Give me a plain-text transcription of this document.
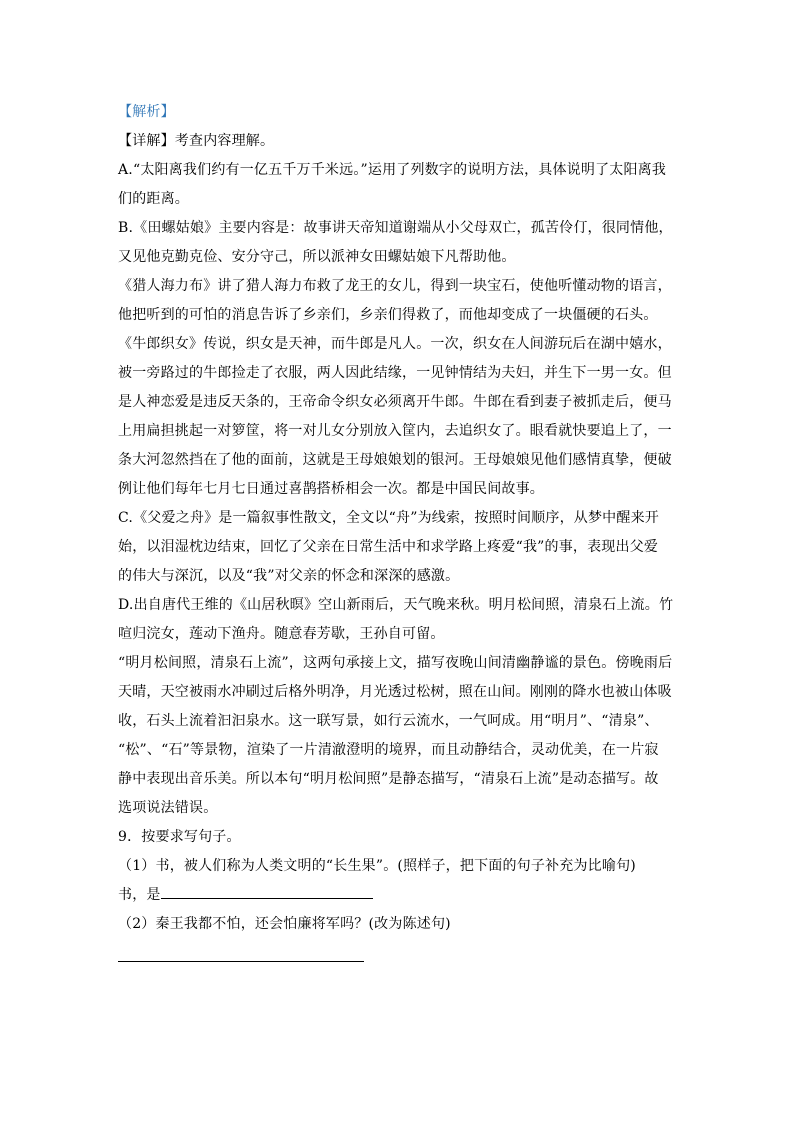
【解析】
【详解】考查内容理解。
A.“太阳离我们约有一亿五千万千米远。”运用了列数字的说明方法，具体说明了太阳离我
们的距离。
B.《田螺姑娘》主要内容是：故事讲天帝知道谢端从小父母双亡，孤苦伶仃，很同情他，
又见他克勤克俭、安分守己，所以派神女田螺姑娘下凡帮助他。
《猎人海力布》讲了猎人海力布救了龙王的女儿，得到一块宝石，使他听懂动物的语言，
他把听到的可怕的消息告诉了乡亲们，乡亲们得救了，而他却变成了一块僵硬的石头。
《牛郎织女》传说，织女是天神，而牛郎是凡人。一次，织女在人间游玩后在湖中嬉水，
被一旁路过的牛郎捡走了衣服，两人因此结缘，一见钟情结为夫妇，并生下一男一女。但
是人神恋爱是违反天条的，王帝命令织女必须离开牛郎。牛郎在看到妻子被抓走后，便马
上用扁担挑起一对箩筐，将一对儿女分别放入筐内，去追织女了。眼看就快要追上了，一
条大河忽然挡在了他的面前，这就是王母娘娘划的银河。王母娘娘见他们感情真挚，便破
例让他们每年七月七日通过喜鹊搭桥相会一次。都是中国民间故事。
C.《父爱之舟》是一篇叙事性散文，全文以“舟”为线索，按照时间顺序，从梦中醒来开
始，以泪湿枕边结束，回忆了父亲在日常生活中和求学路上疼爱“我”的事，表现出父爱
的伟大与深沉，以及“我”对父亲的怀念和深深的感激。
D.出自唐代王维的《山居秋暝》空山新雨后，天气晚来秋。明月松间照，清泉石上流。竹
喧归浣女，莲动下渔舟。随意春芳歇，王孙自可留。
“明月松间照，清泉石上流”，这两句承接上文，描写夜晚山间清幽静谧的景色。傍晚雨后
天晴，天空被雨水冲刷过后格外明净，月光透过松树，照在山间。刚刚的降水也被山体吸
收，石头上流着汩汩泉水。这一联写景，如行云流水，一气呵成。用“明月”、“清泉”、
“松”、“石”等景物，渲染了一片清澈澄明的境界，而且动静结合，灵动优美，在一片寂
静中表现出音乐美。所以本句“明月松间照”是静态描写，“清泉石上流”是动态描写。故
选项说法错误。
9．按要求写句子。
（1）书，被人们称为人类文明的“长生果”。(照样子，把下面的句子补充为比喻句)
书，是
（2）秦王我都不怕，还会怕廉将军吗？(改为陈述句)
